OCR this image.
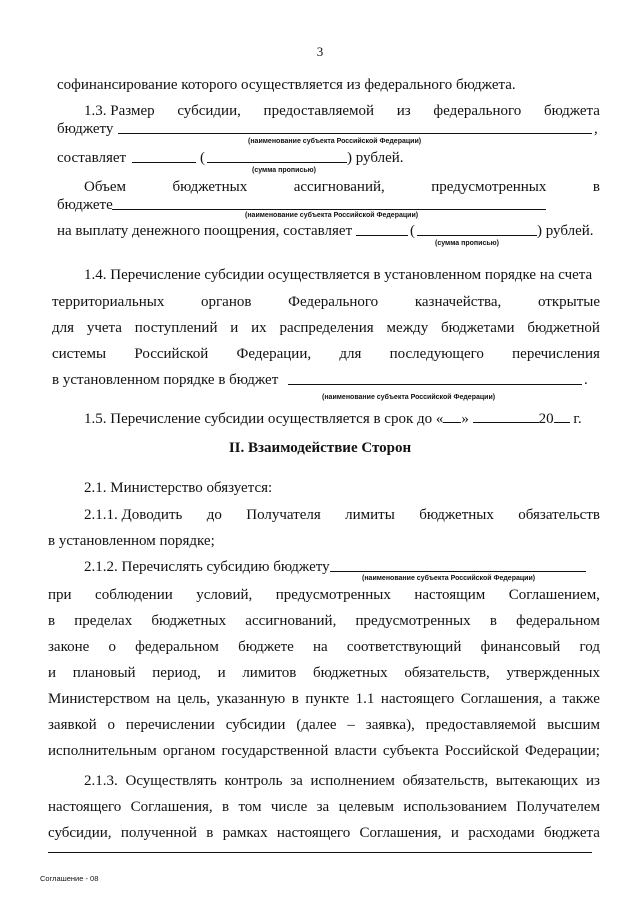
3
софинансирование которого осуществляется из федерального бюджета.
1.3. Размер субсидии, предоставляемой из федерального бюджета
бюджету	,
(наименование субъекта Российской Федерации)
составляет	(	) рублей.
(сумма прописью)
Объем	бюджетных	ассигнований,	предусмотренных	в
бюджете
(наименование субъекта Российской Федерации)
на выплату денежного поощрения, составляет	(	) рублей.
(сумма прописью)
1.4. Перечисление субсидии осуществляется в установленном порядке на счета
территориальных органов Федерального казначейства, открытые
для учета поступлений и их распределения между бюджетами бюджетной
системы Российской Федерации, для последующего перечисления
в установленном порядке в бюджет	.
(наименование субъекта Российской Федерации)
1.5. Перечисление субсидии осуществляется в срок до « »	20 г.
II. Взаимодействие Сторон
2.1. Министерство обязуется:
2.1.1. Доводить до Получателя лимиты бюджетных обязательств
в установленном порядке;
2.1.2. Перечислять субсидию бюджету
(наименование субъекта Российской Федерации)
при соблюдении условий, предусмотренных настоящим Соглашением,
в пределах бюджетных ассигнований, предусмотренных в федеральном
законе о федеральном бюджете на соответствующий финансовый год
и плановый период, и лимитов бюджетных обязательств, утвержденных
Министерством на цель, указанную в пункте 1.1 настоящего Соглашения, а также
заявкой о перечислении субсидии (далее – заявка), предоставляемой высшим
исполнительным органом государственной власти субъекта Российской Федерации;
2.1.3. Осуществлять контроль за исполнением обязательств, вытекающих из
настоящего Соглашения, в том числе за целевым использованием Получателем
субсидии, полученной в рамках настоящего Соглашения, и расходами бюджета
Соглашение - 08
